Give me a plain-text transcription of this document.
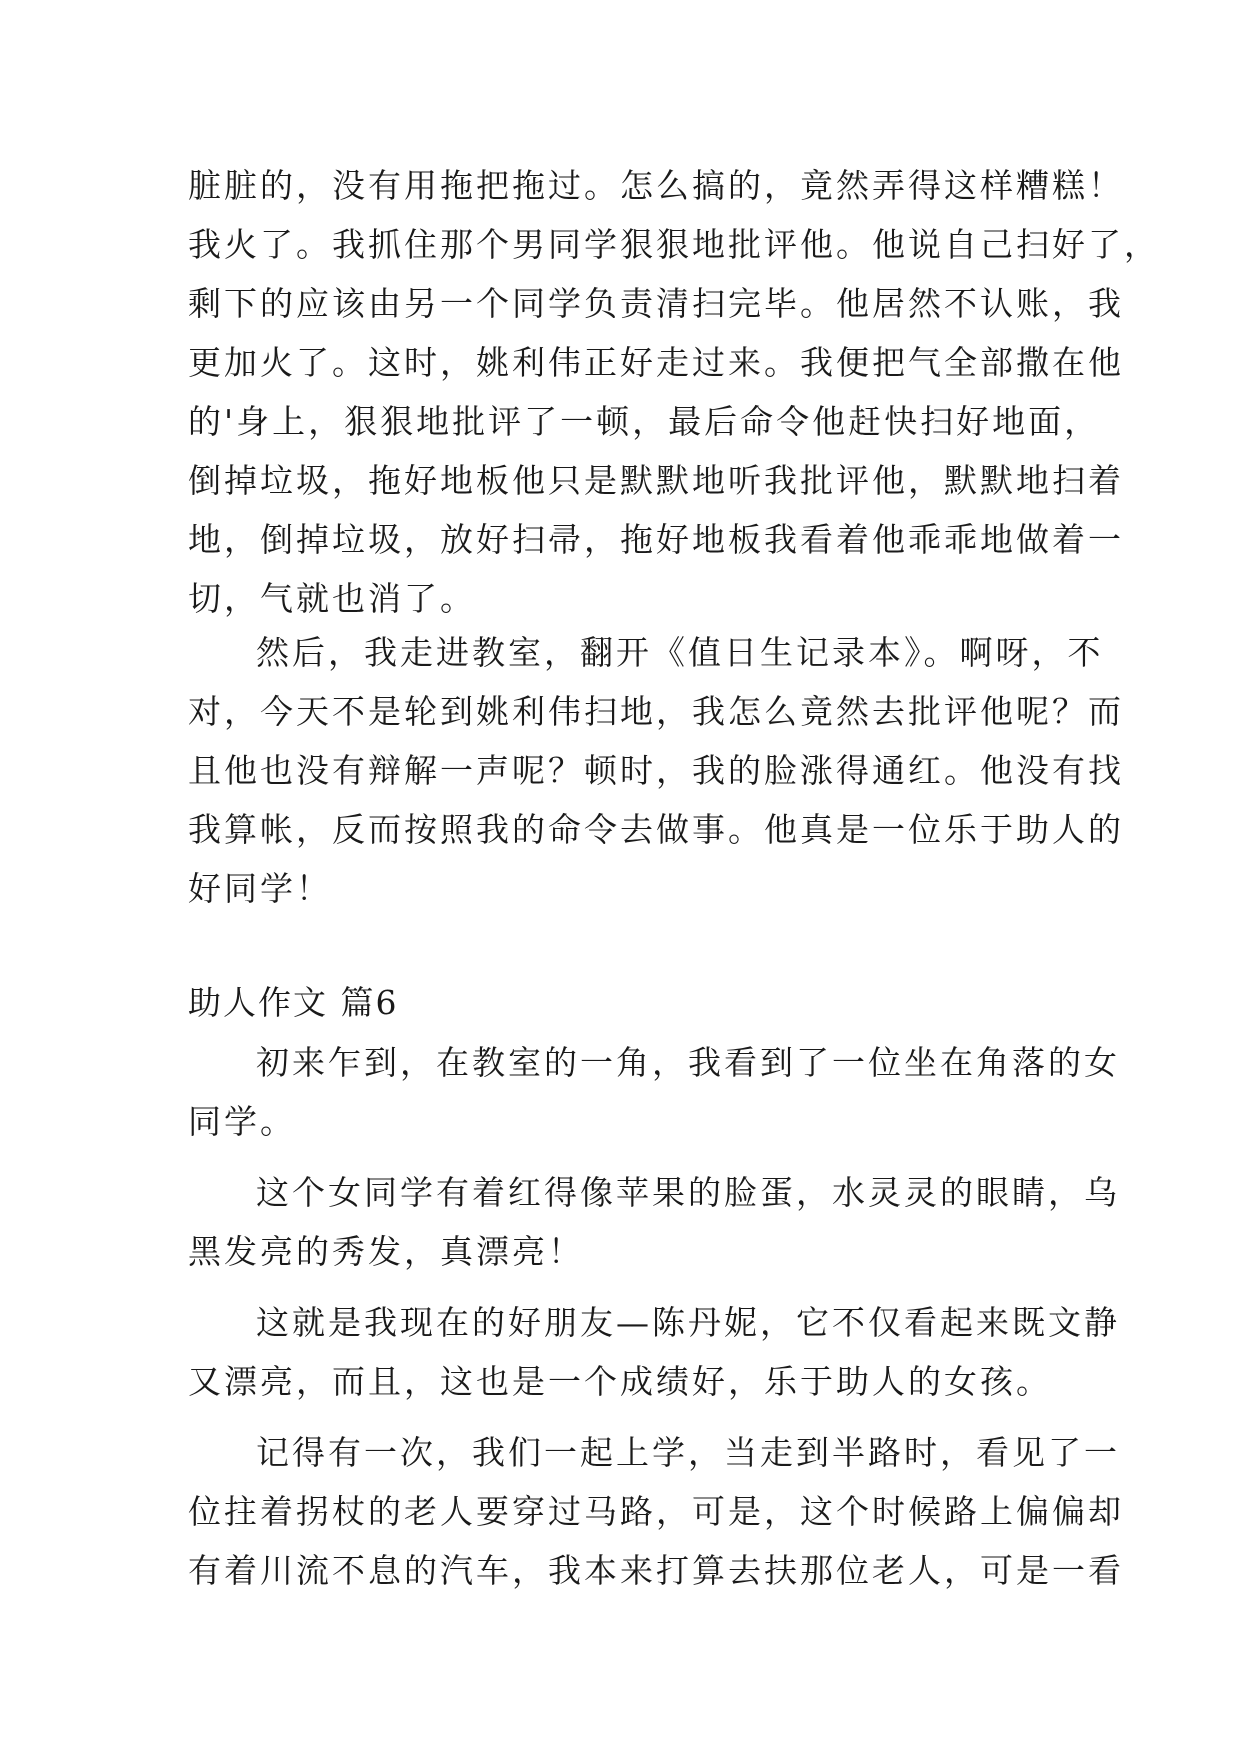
脏脏的，没有用拖把拖过。怎么搞的，竟然弄得这样糟糕！
我火了。我抓住那个男同学狠狠地批评他。他说自己扫好了，
剩下的应该由另一个同学负责清扫完毕。他居然不认账，我
更加火了。这时，姚利伟正好走过来。我便把气全部撒在他
的'身上，狠狠地批评了一顿，最后命令他赶快扫好地面，
倒掉垃圾，拖好地板他只是默默地听我批评他，默默地扫着
地，倒掉垃圾，放好扫帚，拖好地板我看着他乖乖地做着一
切，气就也消了。
然后，我走进教室，翻开《值日生记录本》。啊呀，不
对，今天不是轮到姚利伟扫地，我怎么竟然去批评他呢？而
且他也没有辩解一声呢？顿时，我的脸涨得通红。他没有找
我算帐，反而按照我的命令去做事。他真是一位乐于助人的
好同学！
助人作文 篇6
初来乍到，在教室的一角，我看到了一位坐在角落的女
同学。
这个女同学有着红得像苹果的脸蛋，水灵灵的眼睛，乌
黑发亮的秀发，真漂亮！
这就是我现在的好朋友—陈丹妮，它不仅看起来既文静
又漂亮，而且，这也是一个成绩好，乐于助人的女孩。
记得有一次，我们一起上学，当走到半路时，看见了一
位拄着拐杖的老人要穿过马路，可是，这个时候路上偏偏却
有着川流不息的汽车，我本来打算去扶那位老人，可是一看
